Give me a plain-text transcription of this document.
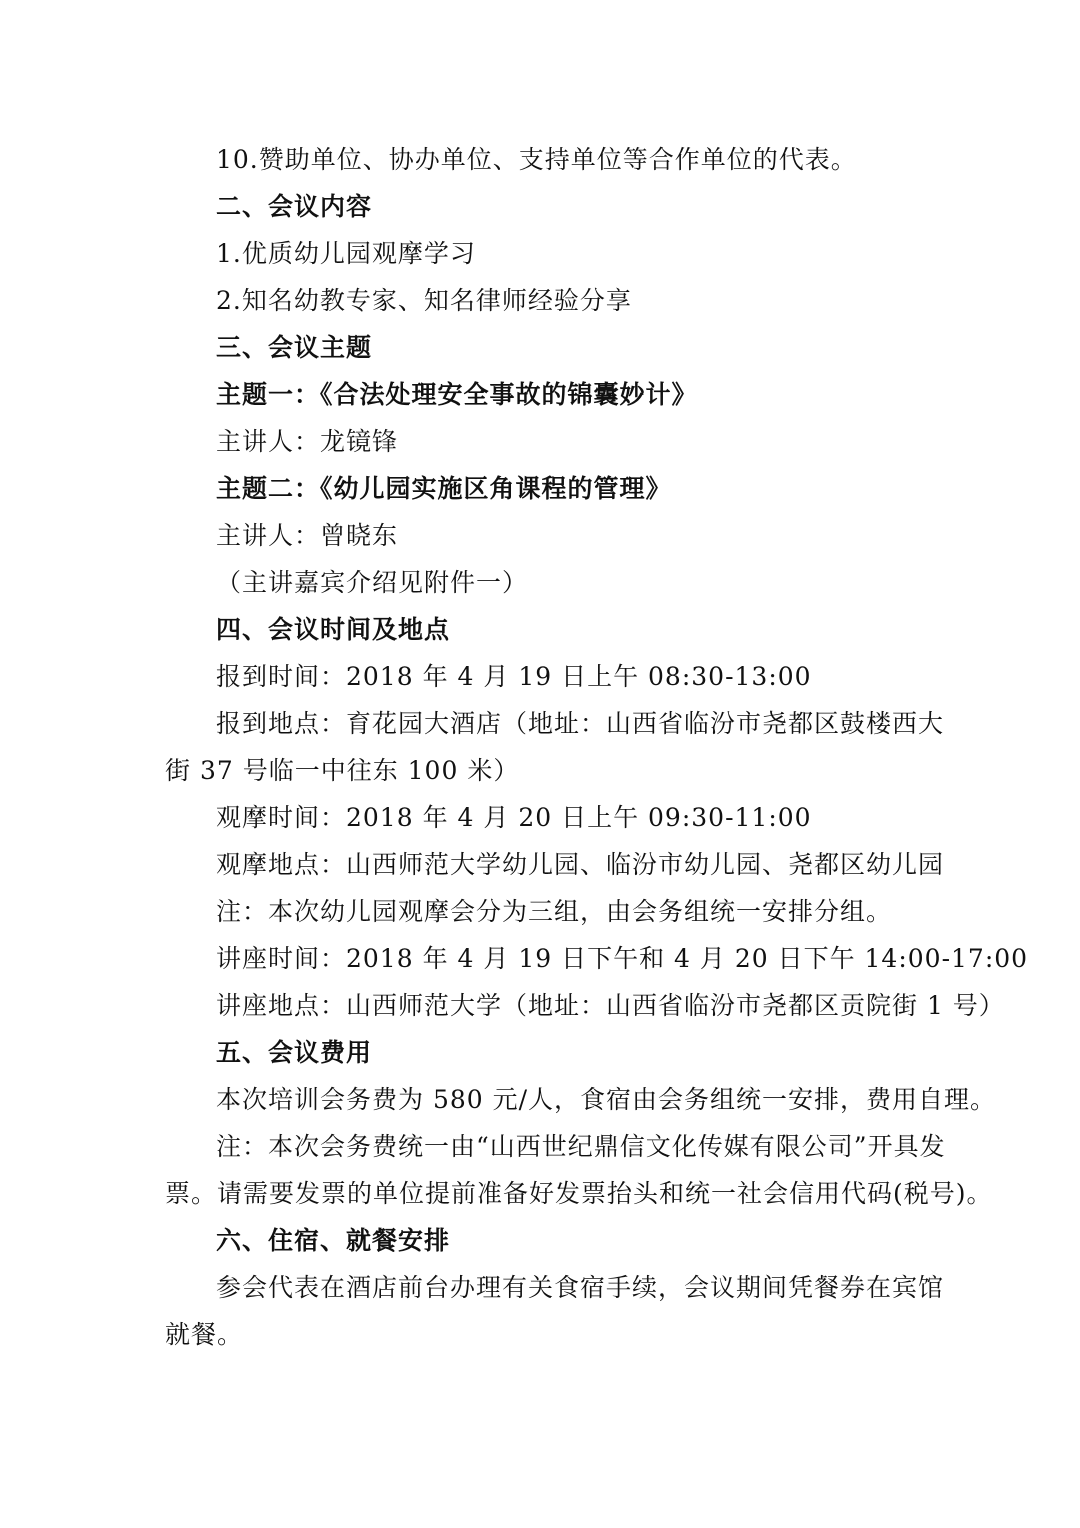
10.赞助单位、协办单位、支持单位等合作单位的代表。
二、会议内容
1.优质幼儿园观摩学习
2.知名幼教专家、知名律师经验分享
三、会议主题
主题一：《合法处理安全事故的锦囊妙计》
主讲人：龙镜锋
主题二：《幼儿园实施区角课程的管理》
主讲人：曾晓东
（主讲嘉宾介绍见附件一）
四、会议时间及地点
报到时间：2018 年 4 月 19 日上午 08:30-13:00
报到地点：育花园大酒店（地址：山西省临汾市尧都区鼓楼西大
街 37 号临一中往东 100 米）
观摩时间：2018 年 4 月 20 日上午 09:30-11:00
观摩地点：山西师范大学幼儿园、临汾市幼儿园、尧都区幼儿园
注：本次幼儿园观摩会分为三组，由会务组统一安排分组。
讲座时间：2018 年 4 月 19 日下午和 4 月 20 日下午 14:00-17:00
讲座地点：山西师范大学（地址：山西省临汾市尧都区贡院街 1 号）
五、会议费用
本次培训会务费为 580 元/人，食宿由会务组统一安排，费用自理。
注：本次会务费统一由“山西世纪鼎信文化传媒有限公司”开具发
票。请需要发票的单位提前准备好发票抬头和统一社会信用代码(税号)。
六、住宿、就餐安排
参会代表在酒店前台办理有关食宿手续，会议期间凭餐券在宾馆
就餐。
